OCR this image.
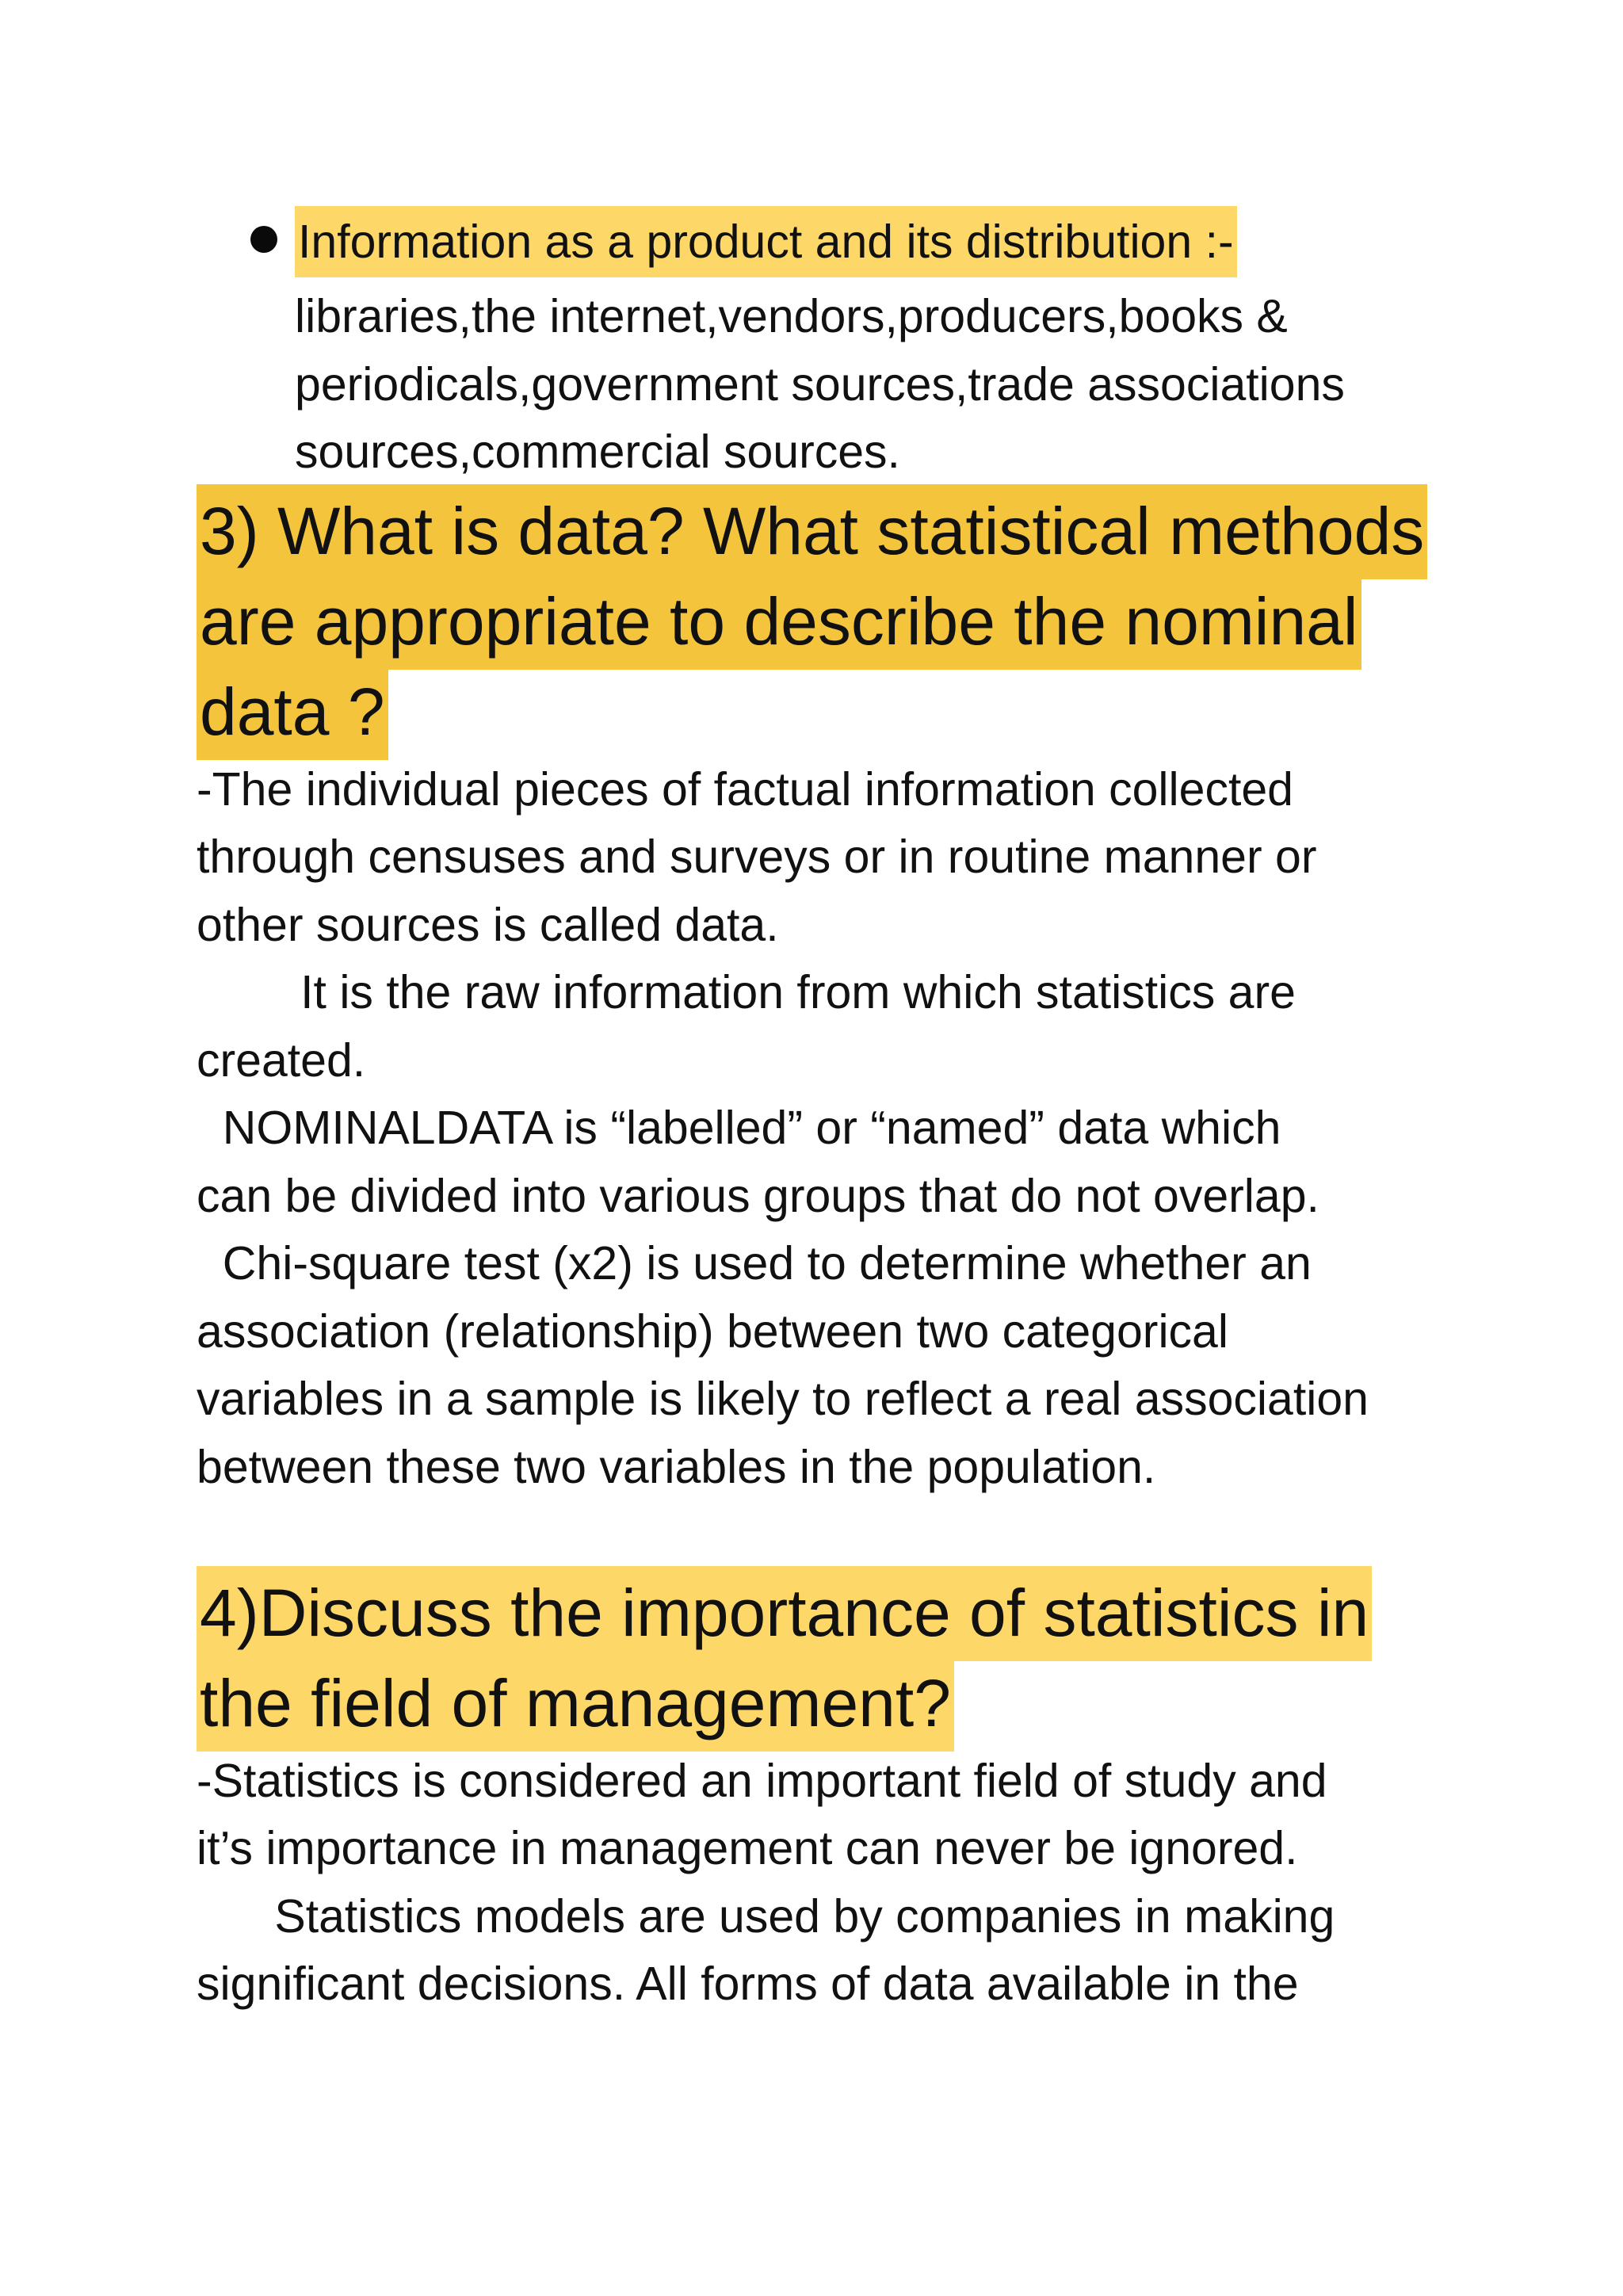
Information as a product and its distribution :-
libraries,the internet,vendors,producers,books &
periodicals,government sources,trade associations
sources,commercial sources.
3) What is data? What statistical methods
are appropriate to describe the nominal
data ?
-The individual pieces of factual information collected
through censuses and surveys or in routine manner or
other sources is called data.
It is the raw information from which statistics are
created.
NOMINALDATA is “labelled” or “named” data which
can be divided into various groups that do not overlap.
Chi-square test (x2) is used to determine whether an
association (relationship) between two categorical
variables in a sample is likely to reflect a real association
between these two variables in the population.
4)Discuss the importance of statistics in
the field of management?
-Statistics is considered an important field of study and
it’s importance in management can never be ignored.
Statistics models are used by companies in making
significant decisions. All forms of data available in the
